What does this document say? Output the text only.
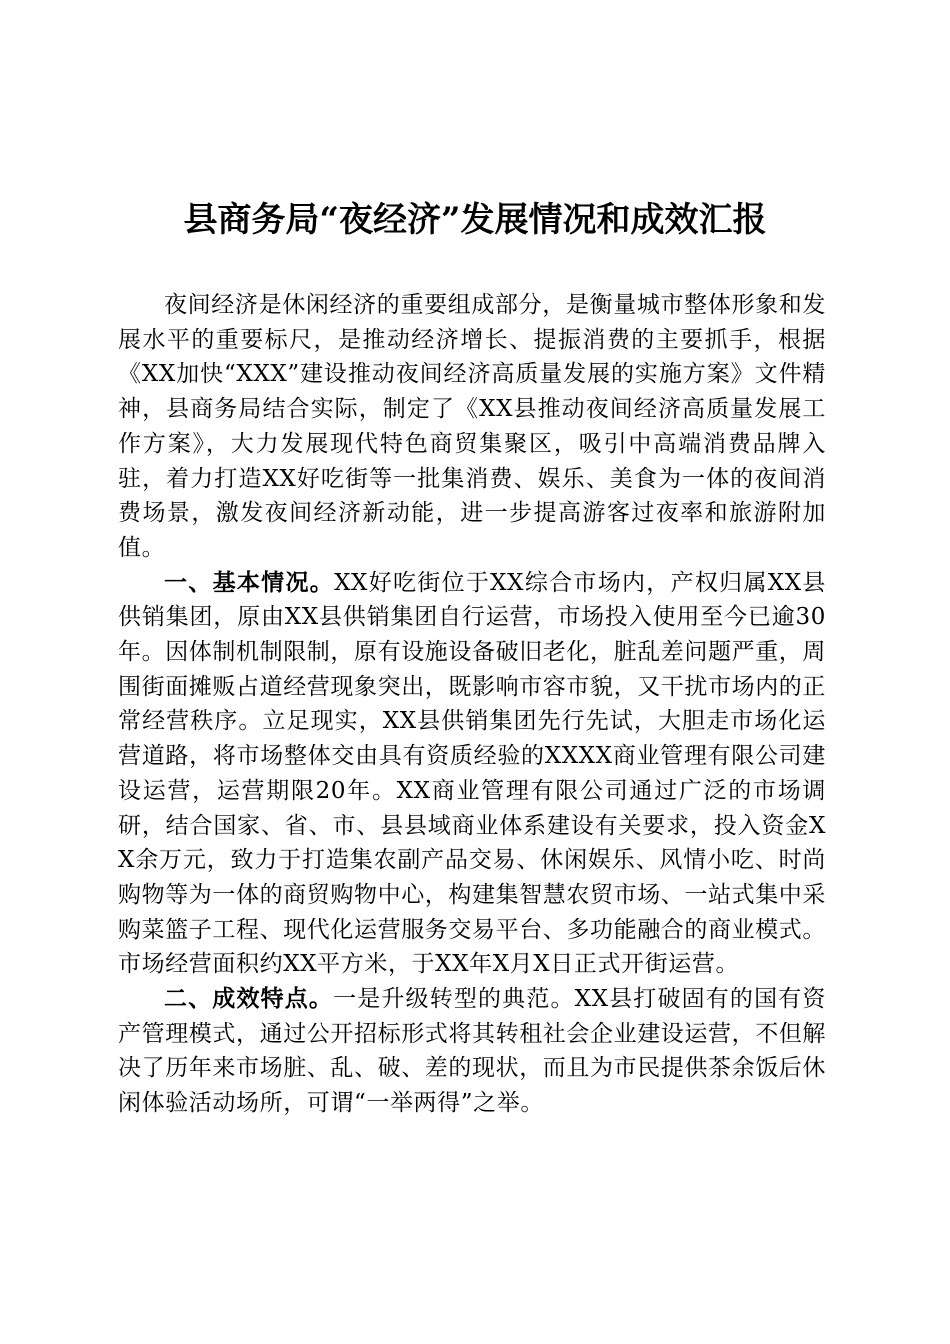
县商务局“夜经济”发展情况和成效汇报

夜间经济是休闲经济的重要组成部分，是衡量城市整体形象和发展水平的重要标尺，是推动经济增长、提振消费的主要抓手，根据《XX加快“XXX”建设推动夜间经济高质量发展的实施方案》文件精神，县商务局结合实际，制定了《XX县推动夜间经济高质量发展工作方案》，大力发展现代特色商贸集聚区，吸引中高端消费品牌入驻，着力打造XX好吃街等一批集消费、娱乐、美食为一体的夜间消费场景，激发夜间经济新动能，进一步提高游客过夜率和旅游附加值。

一、基本情况。XX好吃街位于XX综合市场内，产权归属XX县供销集团，原由XX县供销集团自行运营，市场投入使用至今已逾30年。因体制机制限制，原有设施设备破旧老化，脏乱差问题严重，周围街面摊贩占道经营现象突出，既影响市容市貌，又干扰市场内的正常经营秩序。立足现实，XX县供销集团先行先试，大胆走市场化运营道路，将市场整体交由具有资质经验的XXXX商业管理有限公司建设运营，运营期限20年。XX商业管理有限公司通过广泛的市场调研，结合国家、省、市、县县域商业体系建设有关要求，投入资金XX余万元，致力于打造集农副产品交易、休闲娱乐、风情小吃、时尚购物等为一体的商贸购物中心，构建集智慧农贸市场、一站式集中采购菜篮子工程、现代化运营服务交易平台、多功能融合的商业模式。市场经营面积约XX平方米，于XX年X月X日正式开街运营。

二、成效特点。一是升级转型的典范。XX县打破固有的国有资产管理模式，通过公开招标形式将其转租社会企业建设运营，不但解决了历年来市场脏、乱、破、差的现状，而且为市民提供茶余饭后休闲体验活动场所，可谓“一举两得”之举。
